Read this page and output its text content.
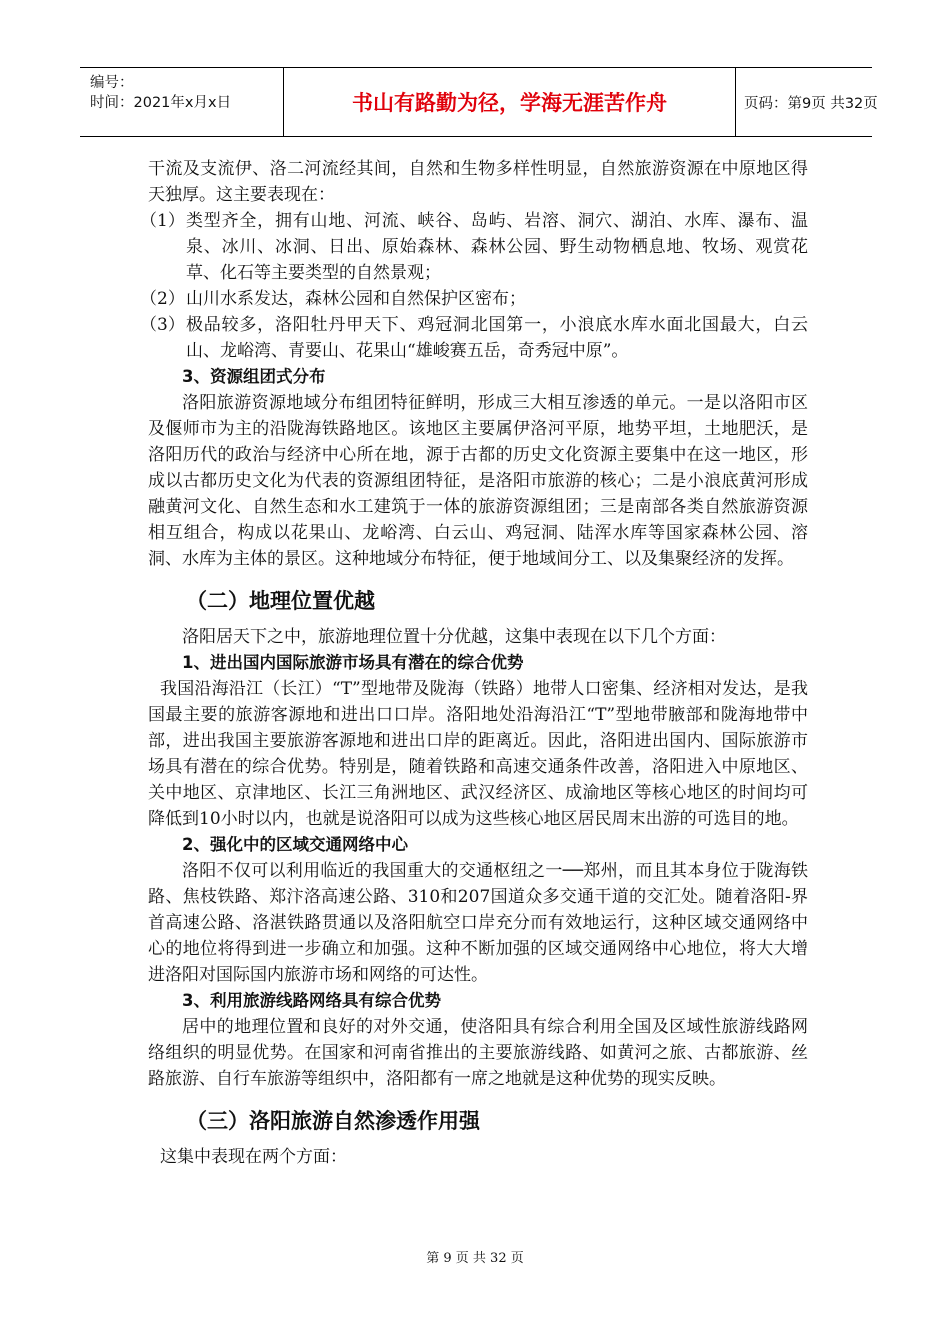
编号：
时间：2021年x月x日	书山有路勤为径，学海无涯苦作舟	页码：第9页 共32页

干流及支流伊、洛二河流经其间，自然和生物多样性明显，自然旅游资源在中原地区得天独厚。这主要表现在：

（1） 类型齐全，拥有山地、河流、峡谷、岛屿、岩溶、洞穴、湖泊、水库、瀑布、温泉、冰川、冰洞、日出、原始森林、森林公园、野生动物栖息地、牧场、观赏花草、化石等主要类型的自然景观；
（2） 山川水系发达，森林公园和自然保护区密布；
（3） 极品较多，洛阳牡丹甲天下、鸡冠洞北国第一，小浪底水库水面北国最大，白云山、龙峪湾、青要山、花果山“雄峻赛五岳，奇秀冠中原”。

3、资源组团式分布

洛阳旅游资源地域分布组团特征鲜明，形成三大相互渗透的单元。一是以洛阳市区及偃师市为主的沿陇海铁路地区。该地区主要属伊洛河平原，地势平坦，土地肥沃，是洛阳历代的政治与经济中心所在地，源于古都的历史文化资源主要集中在这一地区，形成以古都历史文化为代表的资源组团特征，是洛阳市旅游的核心；二是小浪底黄河形成融黄河文化、自然生态和水工建筑于一体的旅游资源组团；三是南部各类自然旅游资源相互组合，构成以花果山、龙峪湾、白云山、鸡冠洞、陆浑水库等国家森林公园、溶洞、水库为主体的景区。这种地域分布特征，便于地域间分工、以及集聚经济的发挥。

（二）地理位置优越

洛阳居天下之中，旅游地理位置十分优越，这集中表现在以下几个方面：

1、进出国内国际旅游市场具有潜在的综合优势

我国沿海沿江（长江）“T”型地带及陇海（铁路）地带人口密集、经济相对发达，是我国最主要的旅游客源地和进出口口岸。洛阳地处沿海沿江“T”型地带腋部和陇海地带中部，进出我国主要旅游客源地和进出口岸的距离近。因此，洛阳进出国内、国际旅游市场具有潜在的综合优势。特别是，随着铁路和高速交通条件改善，洛阳进入中原地区、关中地区、京津地区、长江三角洲地区、武汉经济区、成渝地区等核心地区的时间均可降低到10小时以内，也就是说洛阳可以成为这些核心地区居民周末出游的可选目的地。

2、强化中的区域交通网络中心

洛阳不仅可以利用临近的我国重大的交通枢纽之一──郑州，而且其本身位于陇海铁路、焦枝铁路、郑汴洛高速公路、310和207国道众多交通干道的交汇处。随着洛阳-界首高速公路、洛湛铁路贯通以及洛阳航空口岸充分而有效地运行，这种区域交通网络中心的地位将得到进一步确立和加强。这种不断加强的区域交通网络中心地位，将大大增进洛阳对国际国内旅游市场和网络的可达性。

3、利用旅游线路网络具有综合优势

居中的地理位置和良好的对外交通，使洛阳具有综合利用全国及区域性旅游线路网络组织的明显优势。在国家和河南省推出的主要旅游线路、如黄河之旅、古都旅游、丝路旅游、自行车旅游等组织中，洛阳都有一席之地就是这种优势的现实反映。

（三）洛阳旅游自然渗透作用强

这集中表现在两个方面：

第 9 页 共 32 页
